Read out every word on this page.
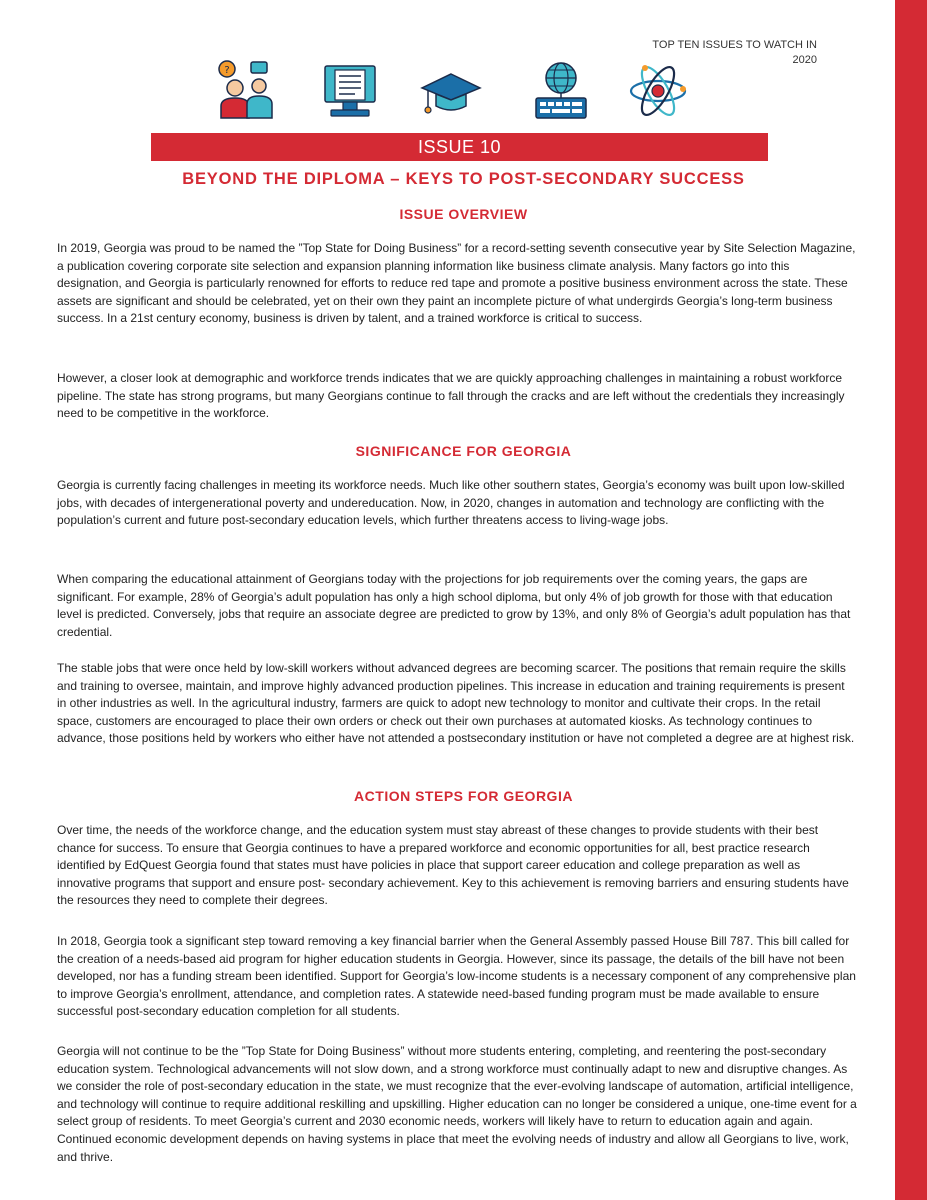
TOP TEN ISSUES TO WATCH IN
2020
?
ISSUE 10
BEYOND THE DIPLOMA – KEYS TO POST-SECONDARY SUCCESS
ISSUE OVERVIEW

In 2019, Georgia was proud to be named the ”Top State for Doing Business” for a record-setting seventh consecutive year by Site Selection Magazine, a publication covering corporate site selection and expansion planning information like business climate analysis. Many factors go into this designation, and Georgia is particularly renowned for efforts to reduce red tape and promote a positive business environment across the state. These assets are significant and should be celebrated, yet on their own they paint an incomplete picture of what undergirds Georgia’s long-term business success. In a 21st century economy, business is driven by talent, and a trained workforce is critical to success.

However, a closer look at demographic and workforce trends indicates that we are quickly approaching challenges in maintaining a robust workforce pipeline. The state has strong programs, but many Georgians continue to fall through the cracks and are left without the credentials they increasingly need to be competitive in the workforce.

SIGNIFICANCE FOR GEORGIA

Georgia is currently facing challenges in meeting its workforce needs. Much like other southern states, Georgia’s economy was built upon low-skilled jobs, with decades of intergenerational poverty and undereducation. Now, in 2020, changes in automation and technology are conflicting with the population’s current and future post-secondary education levels, which further threatens access to living-wage jobs.

When comparing the educational attainment of Georgians today with the projections for job requirements over the coming years, the gaps are significant. For example, 28% of Georgia’s adult population has only a high school diploma, but only 4% of job growth for those with that education level is predicted. Conversely, jobs that require an associate degree are predicted to grow by 13%, and only 8% of Georgia’s adult population has that credential.

The stable jobs that were once held by low-skill workers without advanced degrees are becoming scarcer. The positions that remain require the skills and training to oversee, maintain, and improve highly advanced production pipelines. This increase in education and training requirements is present in other industries as well. In the agricultural industry, farmers are quick to adopt new technology to monitor and cultivate their crops. In the retail space, customers are encouraged to place their own orders or check out their own purchases at automated kiosks. As technology continues to advance, those positions held by workers who either have not attended a postsecondary institution or have not completed a degree are at highest risk.

ACTION STEPS FOR GEORGIA

Over time, the needs of the workforce change, and the education system must stay abreast of these changes to provide students with their best chance for success. To ensure that Georgia continues to have a prepared workforce and economic opportunities for all, best practice research identified by EdQuest Georgia found that states must have policies in place that support career education and college preparation as well as innovative programs that support and ensure post- secondary achievement. Key to this achievement is removing barriers and ensuring students have the resources they need to complete their degrees.

In 2018, Georgia took a significant step toward removing a key financial barrier when the General Assembly passed House Bill 787. This bill called for the creation of a needs-based aid program for higher education students in Georgia. However, since its passage, the details of the bill have not been developed, nor has a funding stream been identified. Support for Georgia’s low-income students is a necessary component of any comprehensive plan to improve Georgia’s enrollment, attendance, and completion rates. A statewide need-based funding program must be made available to ensure successful post-secondary education completion for all students.

Georgia will not continue to be the ”Top State for Doing Business” without more students entering, completing, and reentering the post-secondary education system. Technological advancements will not slow down, and a strong workforce must continually adapt to new and disruptive changes. As we consider the role of post-secondary education in the state, we must recognize that the ever-evolving landscape of automation, artificial intelligence, and technology will continue to require additional reskilling and upskilling. Higher education can no longer be considered a unique, one-time event for a select group of residents. To meet Georgia’s current and 2030 economic needs, workers will likely have to return to education again and again. Continued economic development depends on having systems in place that meet the evolving needs of industry and allow all Georgians to live, work, and thrive.
